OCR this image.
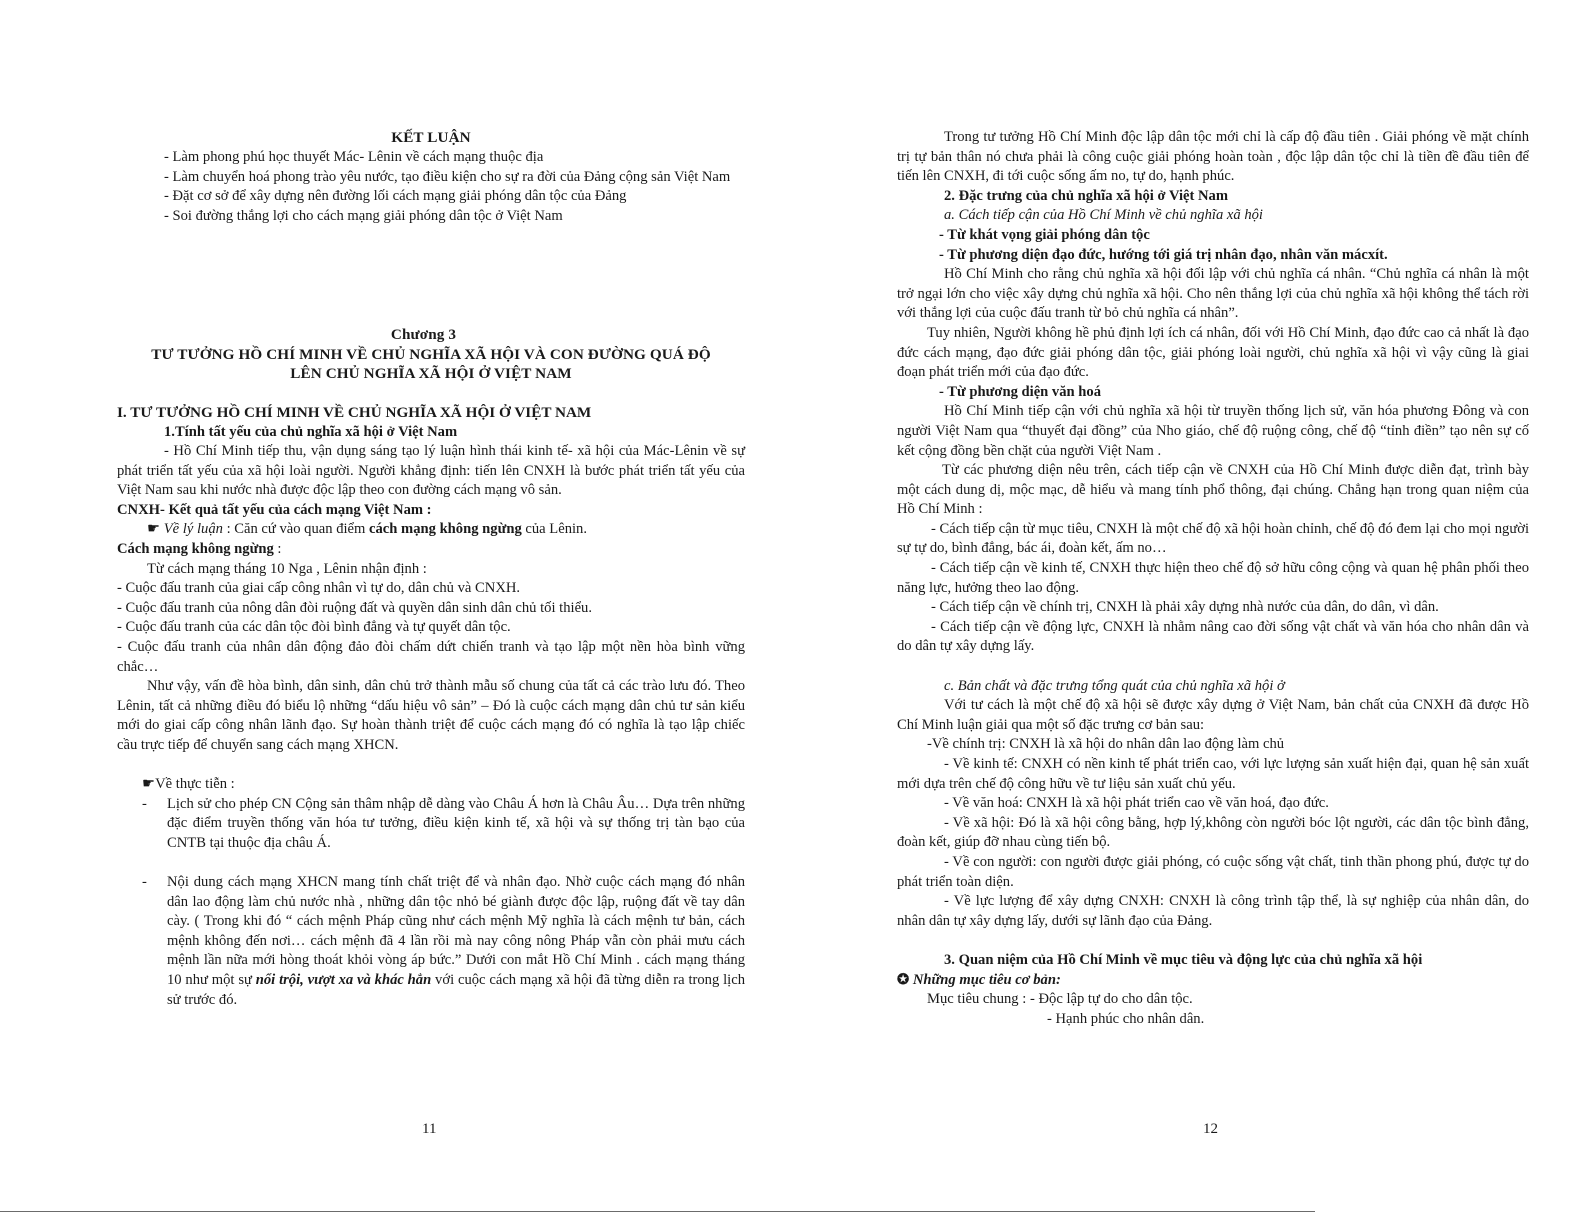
KẾT LUẬN

- Làm phong phú học thuyết Mác- Lênin về cách mạng thuộc địa

- Làm chuyển hoá phong trào yêu nước, tạo điều kiện cho sự ra đời của Đảng cộng sản Việt Nam

- Đặt cơ sở để xây dựng nên đường lối cách mạng giải phóng dân tộc của Đảng

- Soi đường thắng lợi cho cách mạng giải phóng dân tộc ở Việt Nam

Chương 3

TƯ TƯỞNG HỒ CHÍ MINH VỀ CHỦ NGHĨA XÃ HỘI VÀ CON ĐƯỜNG QUÁ ĐỘ

LÊN CHỦ NGHĨA XÃ HỘI Ở VIỆT NAM

I. TƯ TƯỞNG HỒ CHÍ MINH VỀ CHỦ NGHĨA XÃ HỘI Ở VIỆT NAM

1.Tính tất yếu của chủ nghĩa xã hội ở Việt Nam

- Hồ Chí Minh tiếp thu, vận dụng sáng tạo lý luận hình thái kinh tế- xã hội của Mác-Lênin về sự phát triển tất yếu của xã hội loài người. Người khẳng định: tiến lên CNXH là bước phát triển tất yếu của Việt Nam sau khi nước nhà được độc lập theo con đường cách mạng vô sản.

CNXH- Kết quả tất yếu của cách mạng Việt Nam :

☛ Về lý luận : Căn cứ vào quan điểm cách mạng không ngừng của Lênin.

Cách mạng không ngừng :

Từ cách mạng tháng 10 Nga , Lênin nhận định :

- Cuộc đấu tranh của giai cấp công nhân vì tự do, dân chủ và CNXH.

- Cuộc đấu tranh của nông dân đòi ruộng đất và quyền dân sinh dân chủ tối thiểu.

- Cuộc đấu tranh của các dân tộc đòi bình đẳng và tự quyết dân tộc.

- Cuộc đấu tranh của nhân dân động đảo đòi chấm dứt chiến tranh và tạo lập một nền hòa bình vững chắc…

Như vậy, vấn đề hòa bình, dân sinh, dân chủ trở thành mẫu số chung của tất cả các trào lưu đó. Theo Lênin, tất cả những điều đó biểu lộ những “dấu hiệu vô sản” – Đó là cuộc cách mạng dân chủ tư sản kiểu mới do giai cấp công nhân lãnh đạo. Sự hoàn thành triệt để cuộc cách mạng đó có nghĩa là tạo lập chiếc cầu trực tiếp để chuyển sang cách mạng XHCN.

☛Về thực tiễn :

-	Lịch sử cho phép CN Cộng sản thâm nhập dễ dàng vào Châu Á hơn là Châu Âu… Dựa trên những đặc điểm truyền thống văn hóa tư tưởng, điều kiện kinh tế, xã hội và sự thống trị tàn bạo của CNTB tại thuộc địa châu Á.
-	Nội dung cách mạng XHCN mang tính chất triệt để và nhân đạo. Nhờ cuộc cách mạng đó nhân dân lao động làm chủ nước nhà , những dân tộc nhỏ bé giành được độc lập, ruộng đất về tay dân cày. ( Trong khi đó “ cách mệnh Pháp cũng như cách mệnh Mỹ nghĩa là cách mệnh tư bản, cách mệnh không đến nơi… cách mệnh đã 4 lần rồi mà nay công nông Pháp vẫn còn phải mưu cách mệnh lần nữa mới hòng thoát khỏi vòng áp bức.” Dưới con mắt Hồ Chí Minh . cách mạng tháng 10 như một sự nổi trội, vượt xa và khác hẳn với cuộc cách mạng xã hội đã từng diễn ra trong lịch sử trước đó.

11

Trong tư tưởng Hồ Chí Minh độc lập dân tộc mới chỉ là cấp độ đầu tiên . Giải phóng về mặt chính trị tự bản thân nó chưa phải là công cuộc giải phóng hoàn toàn , độc lập dân tộc chỉ là tiền đề đầu tiên để tiến lên CNXH, đi tới cuộc sống ấm no, tự do, hạnh phúc.

2. Đặc trưng của chủ nghĩa xã hội ở Việt Nam

a. Cách tiếp cận của Hồ Chí Minh về chủ nghĩa xã hội

- Từ khát vọng giải phóng dân tộc

- Từ phương diện đạo đức, hướng tới giá trị nhân đạo, nhân văn mácxít.

Hồ Chí Minh cho rằng chủ nghĩa xã hội đối lập với chủ nghĩa cá nhân. “Chủ nghĩa cá nhân là một trở ngại lớn cho việc xây dựng chủ nghĩa xã hội. Cho nên thắng lợi của chủ nghĩa xã hội không thể tách rời với thắng lợi của cuộc đấu tranh từ bỏ chủ nghĩa cá nhân”.

Tuy nhiên, Người không hề phủ định lợi ích cá nhân, đối với Hồ Chí Minh, đạo đức cao cả nhất là đạo đức cách mạng, đạo đức giải phóng dân tộc, giải phóng loài người, chủ nghĩa xã hội vì vậy cũng là giai đoạn phát triển mới của đạo đức.

- Từ phương diện văn hoá

Hồ Chí Minh tiếp cận với chủ nghĩa xã hội từ truyền thống lịch sử, văn hóa phương Đông và con người Việt Nam qua “thuyết đại đồng” của Nho giáo, chế độ ruộng công, chế độ “tỉnh điền” tạo nên sự cố kết cộng đồng bền chặt của người Việt Nam .

Từ các phương diện nêu trên, cách tiếp cận về CNXH của Hồ Chí Minh được diễn đạt, trình bày một cách dung dị, mộc mạc, dễ hiểu và mang tính phổ thông, đại chúng. Chẳng hạn trong quan niệm của Hồ Chí Minh :

- Cách tiếp cận từ mục tiêu, CNXH là một chế độ xã hội hoàn chỉnh, chế độ đó đem lại cho mọi người sự tự do, bình đẳng, bác ái, đoàn kết, ấm no…

- Cách tiếp cận về kinh tế, CNXH thực hiện theo chế độ sở hữu công cộng và quan hệ phân phối theo năng lực, hưởng theo lao động.

- Cách tiếp cận về chính trị, CNXH là phải xây dựng nhà nước của dân, do dân, vì dân.

- Cách tiếp cận về động lực, CNXH là nhằm nâng cao đời sống vật chất và văn hóa cho nhân dân và do dân tự xây dựng lấy.

c. Bản chất và đặc trưng tổng quát của chủ nghĩa xã hội ở

Với tư cách là một chế độ xã hội sẽ được xây dựng ở Việt Nam, bản chất của CNXH đã được Hồ Chí Minh luận giải qua một số đặc trưng cơ bản sau:

-Về chính trị: CNXH là xã hội do nhân dân lao động làm chủ

- Về kinh tế: CNXH có nền kinh tế phát triển cao, với lực lượng sản xuất hiện đại, quan hệ sản xuất mới dựa trên chế độ công hữu về tư liệu sản xuất chủ yếu.

- Về văn hoá: CNXH là xã hội phát triển cao về văn hoá, đạo đức.

- Về xã hội: Đó là xã hội công bằng, hợp lý,không còn người bóc lột người, các dân tộc bình đẳng, đoàn kết, giúp đỡ nhau cùng tiến bộ.

- Về con người: con người được giải phóng, có cuộc sống vật chất, tinh thần phong phú, được tự do phát triển toàn diện.

- Về lực lượng để xây dựng CNXH: CNXH là công trình tập thể, là sự nghiệp của nhân dân, do nhân dân tự xây dựng lấy, dưới sự lãnh đạo của Đảng.

3. Quan niệm của Hồ Chí Minh về mục tiêu và động lực của chủ nghĩa xã hội

✪ Những mục tiêu cơ bản:

Mục tiêu chung : - Độc lập tự do cho dân tộc.

- Hạnh phúc cho nhân dân.

12
